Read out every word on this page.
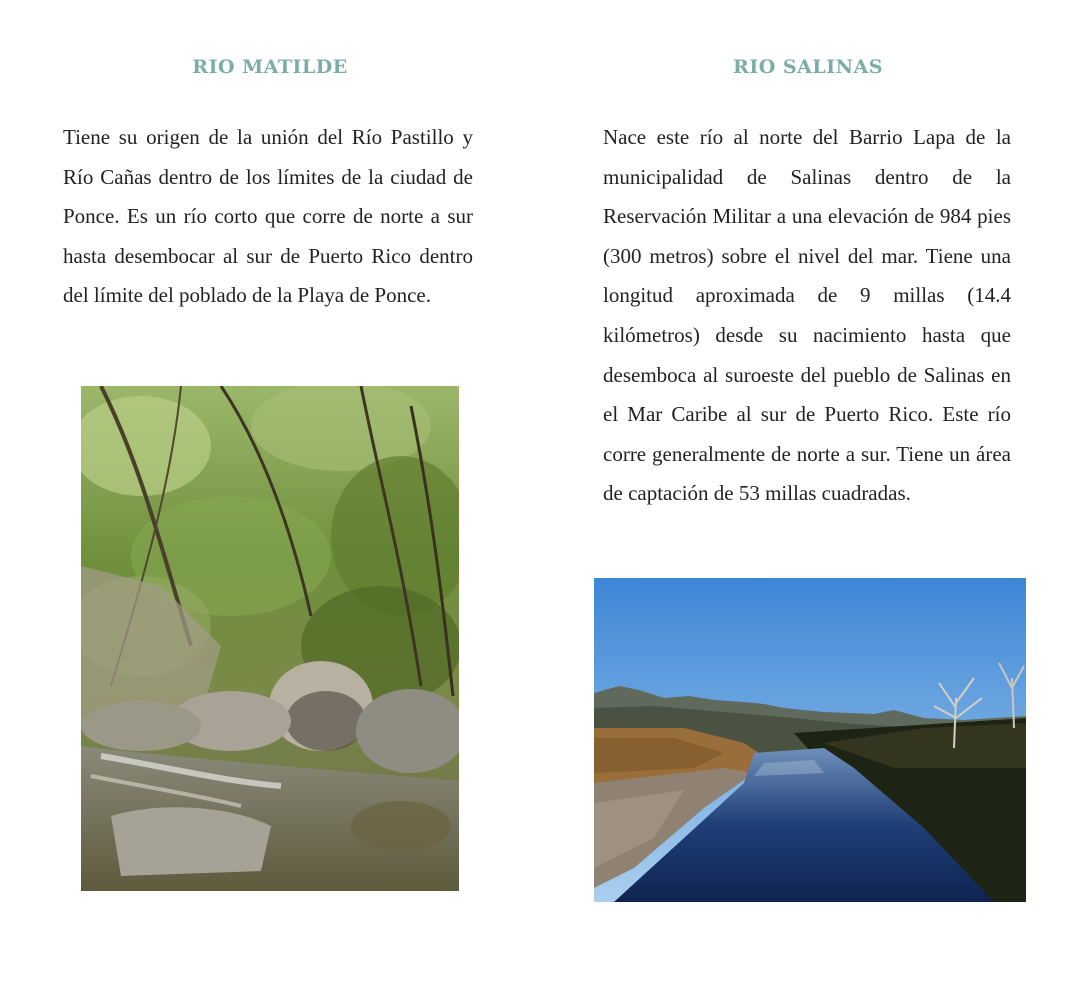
RIO MATILDE

Tiene su origen de la unión del Río Pastillo y Río Cañas dentro de los límites de la ciudad de Ponce. Es un río corto que corre de norte a sur hasta desembocar al sur de Puerto Rico dentro del límite del poblado de la Playa de Ponce.

RIO SALINAS

Nace este río al norte del Barrio Lapa de la municipalidad de Salinas dentro de la Reservación Militar a una elevación de 984 pies (300 metros) sobre el nivel del mar. Tiene una longitud aproximada de 9 millas (14.4 kilómetros) desde su nacimiento hasta que desemboca al suroeste del pueblo de Salinas en el Mar Caribe al sur de Puerto Rico. Este río corre generalmente de norte a sur. Tiene un área de captación de 53 millas cuadradas.
